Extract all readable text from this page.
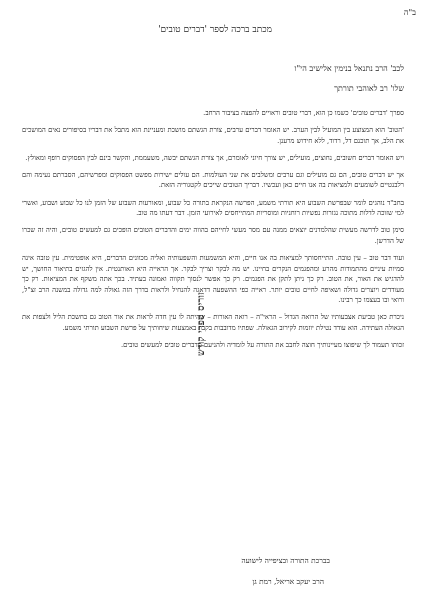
ב"ה
מכתב ברכה לספר 'דברים טובים'
לכב' הרב נתנאל בנימין אלישיב הי"ו
שלו' רב לאוהבי תורתך

ספרך 'דברים טובים' כשמו כן הוא, דברי טובים וראויים להפצה בציבור הרחב.

'הטוב' הוא המצוצע בין המועיל לבין הערב. יש האומר דברים ערבים, צורת הגשתם מושכת ומעניינת הוא מתבל את דבריו בסיפורים נאים המושכים את הלב, אך תוכנם דל, רדוד, ללא חידוש מרענן.

ויש האומר דברים חשובים, נחוצים, מועילים, יש צורך חיוני לאומרם, אך צורת הגשתם יבשה, משעממת, והקשר בינם לבין הפסוקים רופף ומאולץ.

אך יש דברים טובים, הם גם מועילים וגם ערבים ומשלבים את שני העולמות. הם עולים ישירות מפשט הפסוקים ומפרשיהם, הסברתם נעימה והם רלבנטיים לשומעים ולמציאות בה אנו חיים כאן ועכשיו. דבריך הטובים שייכים לקטגוריה הזאת.

בחב"ד נוהגים לומר שבפרשת השבוע היא תורתי משמע, הפרשה הנקראת בתורה כל שבוע, ומאורעות השבוע של הזמן לנו כל שבוע ושבוע, ואשרי למי שזוכה לדלות מתוכה נגזרות נפשיות רוחניות ומוסריות המתייחסים לאירועי הזמן. דבר דעתו מה טוב.

סימן טוב לדרשה מעשית שהלמדנים יוצאים ממנה עם מסר מעשי לחייהם בהווה ימים והדברים הטובים הופכים גם למעשים טובים, והיה זה שכרו של הדרשן.

ועוד דבר טוב – עין טובה. התייחסותך למציאות בה אנו חיים, והיא המשמעות והשפעותיה ואליה מכוונים הדברים, היא אופטימית. עין טובה אינה סמיות עיניים מהתמודות מהרע ומהפגמים הנקרים בחיינו. יש מה לבקר וצריך לבקר. אך הראייה היא האותנטית. אין להגזים בתיאור החושך, יש להדגיש את האור, את הטוב. רק כך ניתן לתקן את הפגמים. רק כך אפשר לנסוך תקווה ואמונה בעתיד. בכך אתה משקף את המציאות. רק כך מעודדים ויוצרים גדולה ושאיפה לחיים טובים יותר. ראייה כפי ההשפעה דדאגה להנחיל ולראות בדרך הזה גאולה למה גדולה במשנה הרב זצ"ל, ורואי ובו בעצמו כך רבינו.

ניכרת כאן טביעת אצבעותיו של הרואה הגדול – הראי"ה – רואה האורות – שהיתה לו עין חדה לראות את אור הטוב גם בחשכת הליל ולצפות את הגאולה העתידה. הוא עודד נטילת יוזמות לקירוב הגאולה. שפתיו מדובבות בקבר באמצעות שיחותיך על פרשת השבוע תורתי משמע.

זכותו תעמוד לך שיפוצו מעיינותיך חוצה לחבב את התורה על לומדיה ולהניעם מדברים טובים למעשים טובים.

בברכת התורה ובציפייה לישועה
הרב יעקב אריאל, רמת גן
זוריס ספרי קודש
